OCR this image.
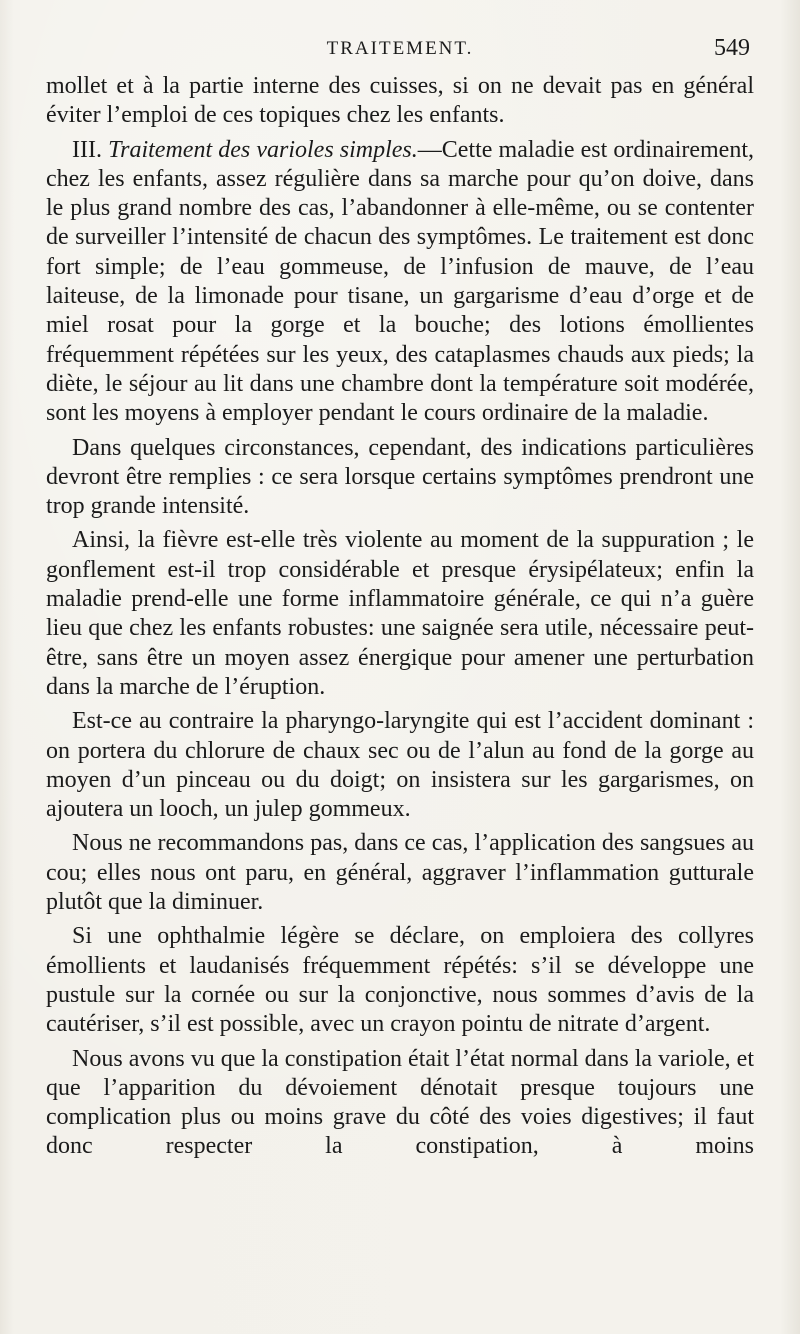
TRAITEMENT.	549

mollet et à la partie interne des cuisses, si on ne devait pas en général éviter l’emploi de ces topiques chez les enfants.

III. Traitement des varioles simples.—Cette maladie est ordinairement, chez les enfants, assez régulière dans sa marche pour qu’on doive, dans le plus grand nombre des cas, l’abandonner à elle-même, ou se contenter de surveiller l’intensité de chacun des symptômes. Le traitement est donc fort simple; de l’eau gommeuse, de l’infusion de mauve, de l’eau laiteuse, de la limonade pour tisane, un gargarisme d’eau d’orge et de miel rosat pour la gorge et la bouche; des lotions émollientes fréquemment répétées sur les yeux, des cataplasmes chauds aux pieds; la diète, le séjour au lit dans une chambre dont la température soit modérée, sont les moyens à employer pendant le cours ordinaire de la maladie.

Dans quelques circonstances, cependant, des indications particulières devront être remplies : ce sera lorsque certains symptômes prendront une trop grande intensité.

Ainsi, la fièvre est-elle très violente au moment de la suppuration ; le gonflement est-il trop considérable et presque érysipélateux; enfin la maladie prend-elle une forme inflammatoire générale, ce qui n’a guère lieu que chez les enfants robustes: une saignée sera utile, nécessaire peut-être, sans être un moyen assez énergique pour amener une perturbation dans la marche de l’éruption.

Est-ce au contraire la pharyngo-laryngite qui est l’accident dominant : on portera du chlorure de chaux sec ou de l’alun au fond de la gorge au moyen d’un pinceau ou du doigt; on insistera sur les gargarismes, on ajoutera un looch, un julep gommeux.

Nous ne recommandons pas, dans ce cas, l’application des sangsues au cou; elles nous ont paru, en général, aggraver l’inflammation gutturale plutôt que la diminuer.

Si une ophthalmie légère se déclare, on emploiera des collyres émollients et laudanisés fréquemment répétés: s’il se développe une pustule sur la cornée ou sur la conjonctive, nous sommes d’avis de la cautériser, s’il est possible, avec un crayon pointu de nitrate d’argent.

Nous avons vu que la constipation était l’état normal dans la variole, et que l’apparition du dévoiement dénotait presque toujours une complication plus ou moins grave du côté des voies digestives; il faut donc respecter la constipation, à moins
